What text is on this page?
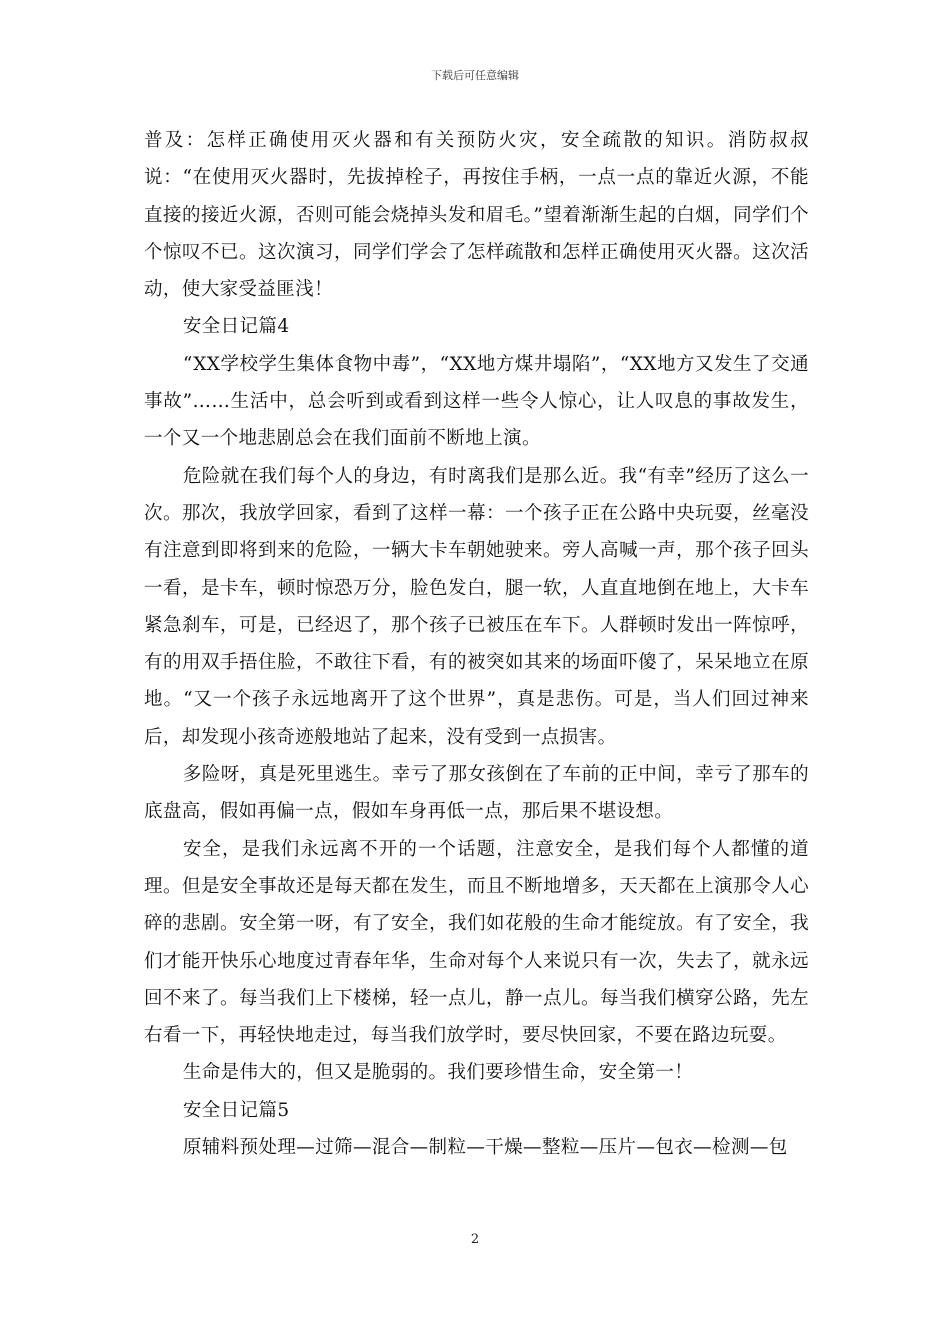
下载后可任意编辑

普及：怎样正确使用灭火器和有关预防火灾，安全疏散的知识。消防叔叔说：“在使用灭火器时，先拔掉栓子，再按住手柄，一点一点的靠近火源，不能直接的接近火源，否则可能会烧掉头发和眉毛。”望着渐渐生起的白烟，同学们个个惊叹不已。这次演习，同学们学会了怎样疏散和怎样正确使用灭火器。这次活动，使大家受益匪浅！

安全日记篇4

“XX学校学生集体食物中毒”，“XX地方煤井塌陷”，“XX地方又发生了交通事故”……生活中，总会听到或看到这样一些令人惊心，让人叹息的事故发生，一个又一个地悲剧总会在我们面前不断地上演。

危险就在我们每个人的身边，有时离我们是那么近。我“有幸”经历了这么一次。那次，我放学回家，看到了这样一幕：一个孩子正在公路中央玩耍，丝毫没有注意到即将到来的危险，一辆大卡车朝她驶来。旁人高喊一声，那个孩子回头一看，是卡车，顿时惊恐万分，脸色发白，腿一软，人直直地倒在地上，大卡车紧急刹车，可是，已经迟了，那个孩子已被压在车下。人群顿时发出一阵惊呼，有的用双手捂住脸，不敢往下看，有的被突如其来的场面吓傻了，呆呆地立在原地。“又一个孩子永远地离开了这个世界”，真是悲伤。可是，当人们回过神来后，却发现小孩奇迹般地站了起来，没有受到一点损害。

多险呀，真是死里逃生。幸亏了那女孩倒在了车前的正中间，幸亏了那车的底盘高，假如再偏一点，假如车身再低一点，那后果不堪设想。

安全，是我们永远离不开的一个话题，注意安全，是我们每个人都懂的道理。但是安全事故还是每天都在发生，而且不断地增多，天天都在上演那令人心碎的悲剧。安全第一呀，有了安全，我们如花般的生命才能绽放。有了安全，我们才能开快乐心地度过青春年华，生命对每个人来说只有一次，失去了，就永远回不来了。每当我们上下楼梯，轻一点儿，静一点儿。每当我们横穿公路，先左右看一下，再轻快地走过，每当我们放学时，要尽快回家，不要在路边玩耍。

生命是伟大的，但又是脆弱的。我们要珍惜生命，安全第一！

安全日记篇5

原辅料预处理—过筛—混合—制粒—干燥—整粒—压片—包衣—检测—包

2
